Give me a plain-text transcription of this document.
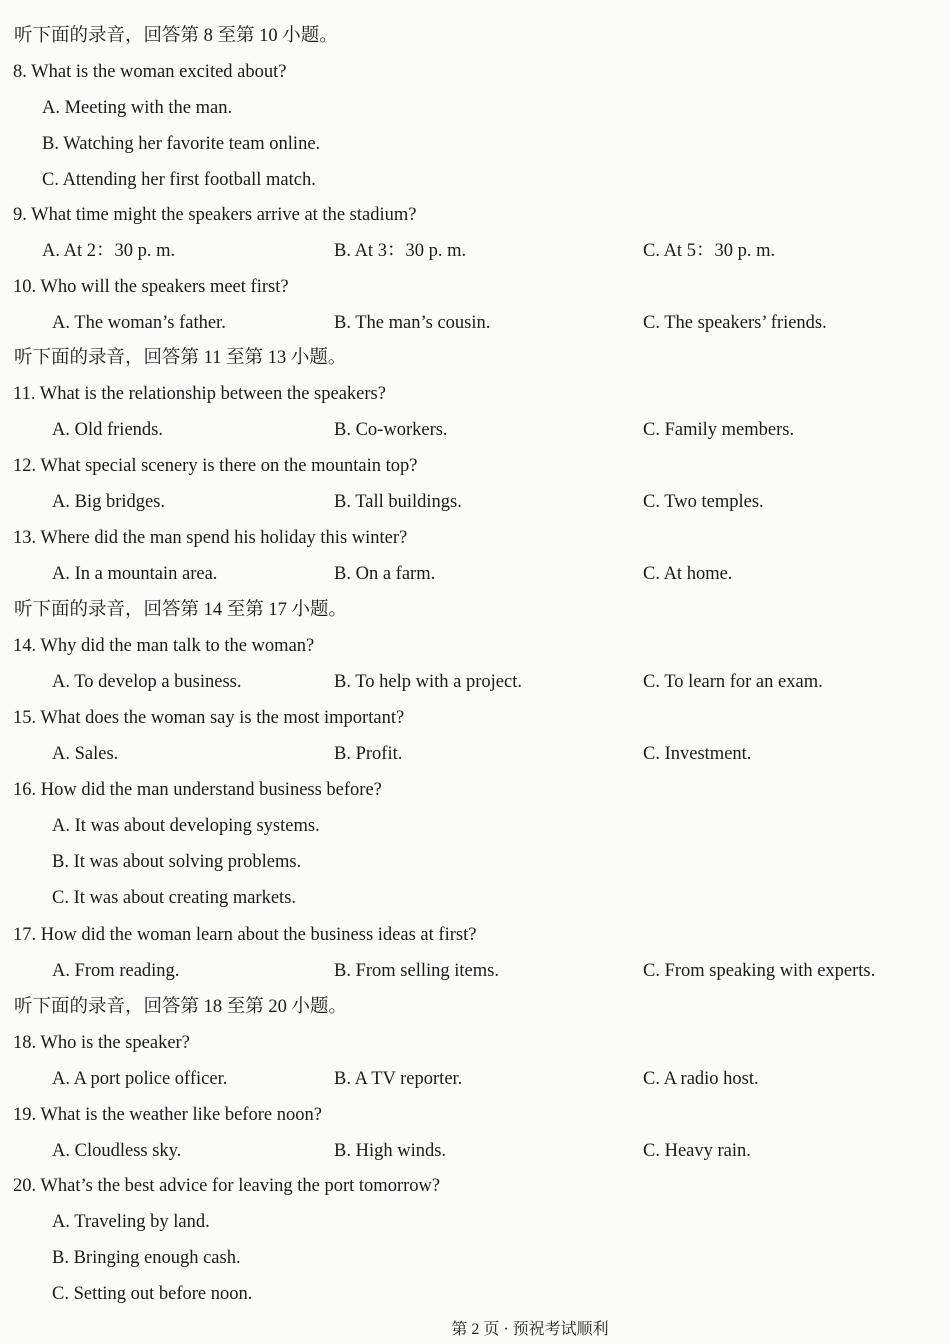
听下面的录音，回答第 8 至第 10 小题。
8. What is the woman excited about?
A. Meeting with the man.
B. Watching her favorite team online.
C. Attending her first football match.
9. What time might the speakers arrive at the stadium?
A. At 2：30 p. m.	B. At 3：30 p. m.	C. At 5：30 p. m.
10. Who will the speakers meet first?
A. The woman’s father.	B. The man’s cousin.	C. The speakers’ friends.
听下面的录音，回答第 11 至第 13 小题。
11. What is the relationship between the speakers?
A. Old friends.	B. Co-workers.	C. Family members.
12. What special scenery is there on the mountain top?
A. Big bridges.	B. Tall buildings.	C. Two temples.
13. Where did the man spend his holiday this winter?
A. In a mountain area.	B. On a farm.	C. At home.
听下面的录音，回答第 14 至第 17 小题。
14. Why did the man talk to the woman?
A. To develop a business.	B. To help with a project.	C. To learn for an exam.
15. What does the woman say is the most important?
A. Sales.	B. Profit.	C. Investment.
16. How did the man understand business before?
A. It was about developing systems.
B. It was about solving problems.
C. It was about creating markets.
17. How did the woman learn about the business ideas at first?
A. From reading.	B. From selling items.	C. From speaking with experts.
听下面的录音，回答第 18 至第 20 小题。
18. Who is the speaker?
A. A port police officer.	B. A TV reporter.	C. A radio host.
19. What is the weather like before noon?
A. Cloudless sky.	B. High winds.	C. Heavy rain.
20. What’s the best advice for leaving the port tomorrow?
A. Traveling by land.
B. Bringing enough cash.
C. Setting out before noon.
第 2 页 · 预祝考试顺利
